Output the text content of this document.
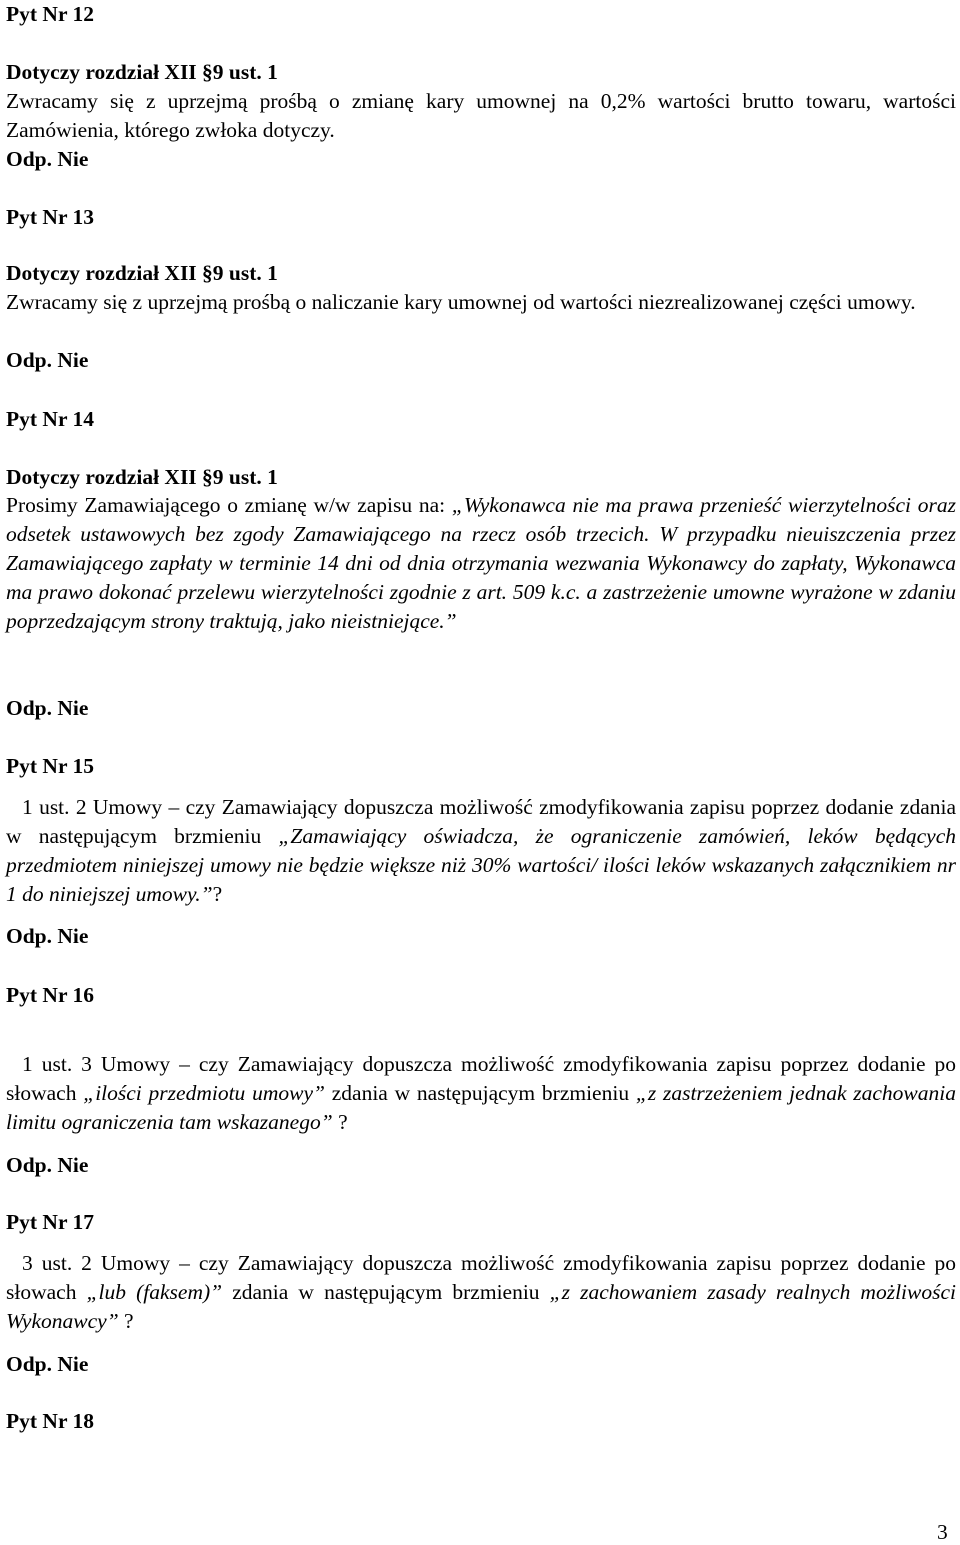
Pyt Nr 12

Dotyczy rozdział XII §9 ust. 1

Zwracamy się z uprzejmą prośbą o zmianę kary umownej na 0,2% wartości brutto towaru, wartości Zamówienia, którego zwłoka dotyczy.

Odp. Nie

Pyt Nr 13

Dotyczy rozdział XII §9 ust. 1

Zwracamy się z uprzejmą prośbą o naliczanie kary umownej od wartości niezrealizowanej części umowy.

Odp. Nie

Pyt Nr 14

Dotyczy rozdział XII §9 ust. 1

Prosimy Zamawiającego o zmianę w/w zapisu na: „Wykonawca nie ma prawa przenieść wierzytelności oraz odsetek ustawowych bez zgody Zamawiającego na rzecz osób trzecich. W przypadku nieuiszczenia przez Zamawiającego zapłaty w terminie 14 dni od dnia otrzymania wezwania Wykonawcy do zapłaty, Wykonawca ma prawo dokonać przelewu wierzytelności zgodnie z art. 509 k.c. a zastrzeżenie umowne wyrażone w zdaniu poprzedzającym strony traktują, jako nieistniejące.”

Odp. Nie

Pyt Nr 15

1 ust. 2 Umowy – czy Zamawiający dopuszcza możliwość zmodyfikowania zapisu poprzez dodanie zdania w następującym brzmieniu „Zamawiający oświadcza, że ograniczenie zamówień, leków będących przedmiotem niniejszej umowy nie będzie większe niż 30% wartości/ ilości leków wskazanych załącznikiem nr 1 do niniejszej umowy.”?

Odp. Nie

Pyt Nr 16

1 ust. 3 Umowy – czy Zamawiający dopuszcza możliwość zmodyfikowania zapisu poprzez dodanie po słowach „ilości przedmiotu umowy” zdania w następującym brzmieniu „z zastrzeżeniem jednak zachowania limitu ograniczenia tam wskazanego” ?

Odp. Nie

Pyt Nr 17

3 ust. 2 Umowy – czy Zamawiający dopuszcza możliwość zmodyfikowania zapisu poprzez dodanie po słowach „lub (faksem)” zdania w następującym brzmieniu „z zachowaniem zasady realnych możliwości Wykonawcy” ?

Odp. Nie

Pyt Nr 18

3
